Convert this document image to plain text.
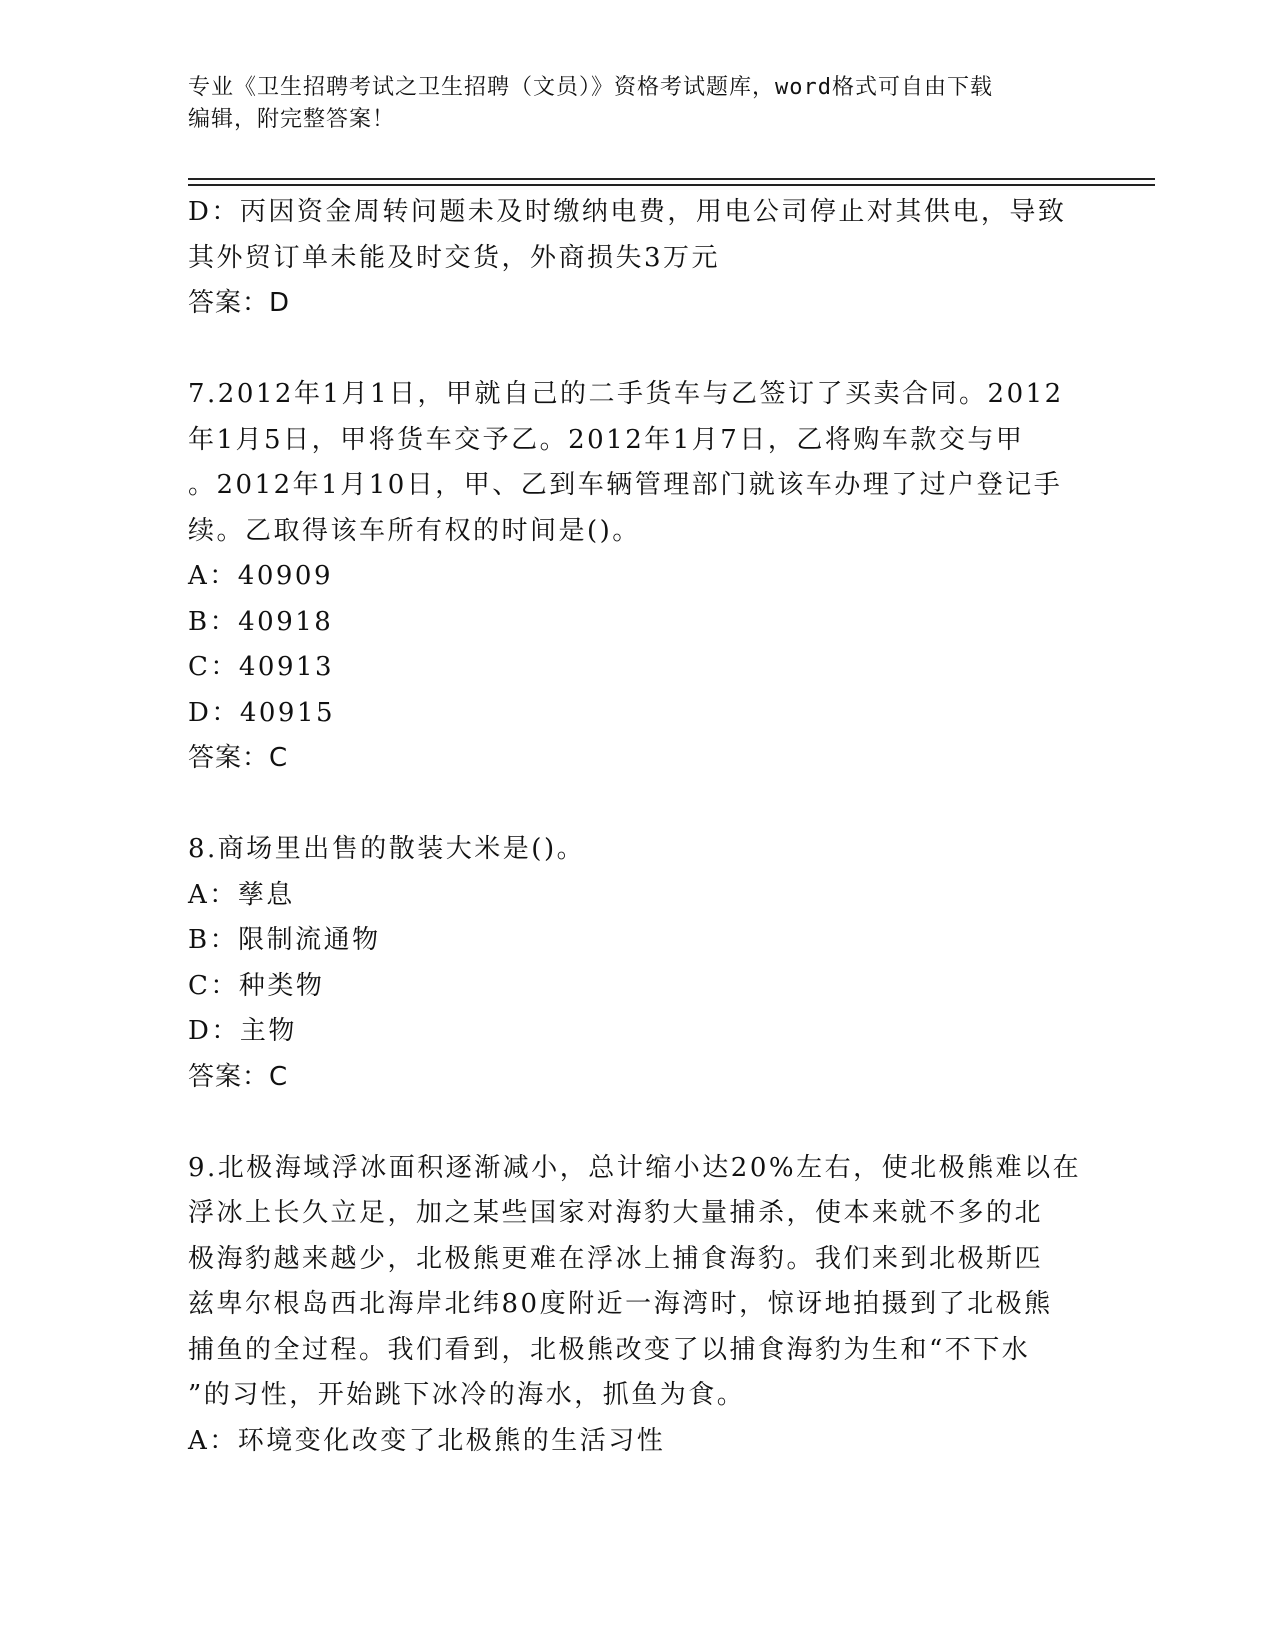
专业《卫生招聘考试之卫生招聘（文员）》资格考试题库，word格式可自由下载
编辑，附完整答案！
D：丙因资金周转问题未及时缴纳电费，用电公司停止对其供电，导致
其外贸订单未能及时交货，外商损失3万元
答案：D
7.2012年1月1日，甲就自己的二手货车与乙签订了买卖合同。2012
年1月5日，甲将货车交予乙。2012年1月7日，乙将购车款交与甲
。2012年1月10日，甲、乙到车辆管理部门就该车办理了过户登记手
续。乙取得该车所有权的时间是()。
A：40909
B：40918
C：40913
D：40915
答案：C
8.商场里出售的散装大米是()。
A：孳息
B：限制流通物
C：种类物
D：主物
答案：C
9.北极海域浮冰面积逐渐减小，总计缩小达20%左右，使北极熊难以在
浮冰上长久立足，加之某些国家对海豹大量捕杀，使本来就不多的北
极海豹越来越少，北极熊更难在浮冰上捕食海豹。我们来到北极斯匹
兹卑尔根岛西北海岸北纬80度附近一海湾时，惊讶地拍摄到了北极熊
捕鱼的全过程。我们看到，北极熊改变了以捕食海豹为生和“不下水
”的习性，开始跳下冰冷的海水，抓鱼为食。
A：环境变化改变了北极熊的生活习性
